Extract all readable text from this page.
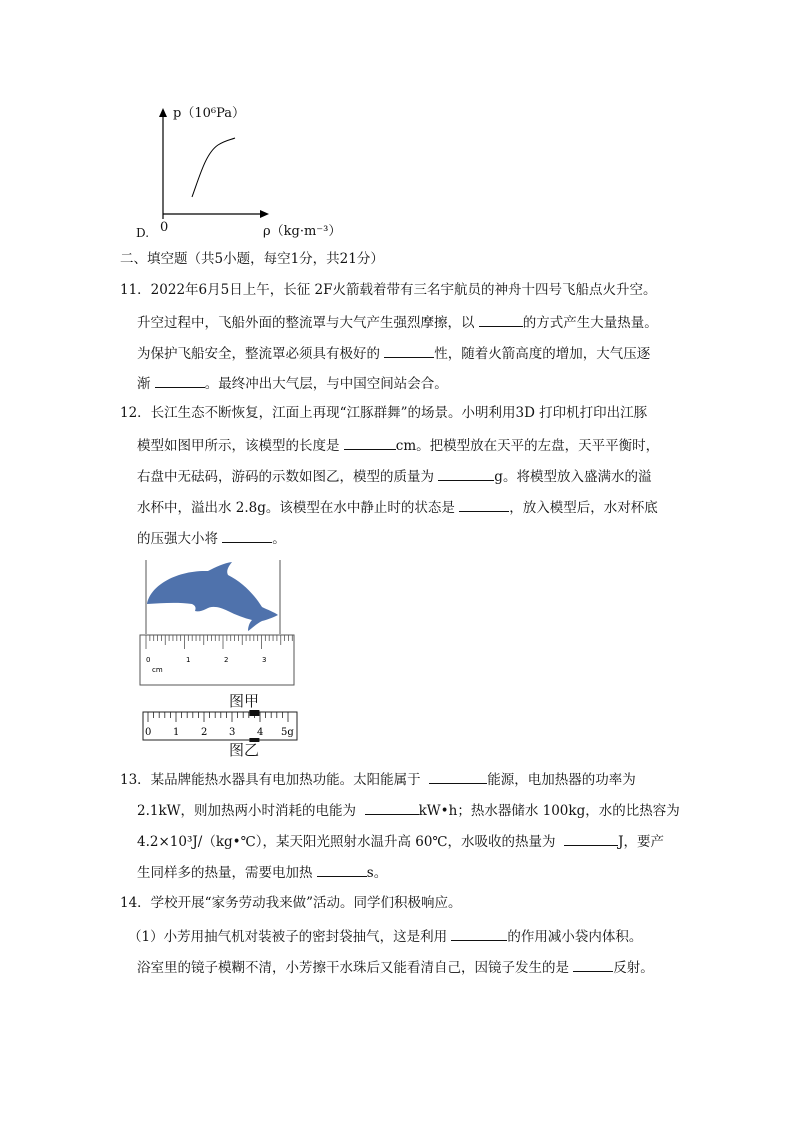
p（10⁶Pa）
0	ρ（kg·m⁻³）
D.
二、填空题（共5小题，每空1分，共21分）
11．2022年6月5日上午，长征 2F火箭载着带有三名宇航员的神舟十四号飞船点火升空。
升空过程中，飞船外面的整流罩与大气产生强烈摩擦，以	的方式产生大量热量。
为保护飞船安全，整流罩必须具有极好的	性，随着火箭高度的增加，大气压逐
渐	。最终冲出大气层，与中国空间站会合。
12．长江生态不断恢复，江面上再现“江豚群舞”的场景。小明利用3D 打印机打印出江豚
模型如图甲所示，该模型的长度是	cm。把模型放在天平的左盘，天平平衡时，
右盘中无砝码，游码的示数如图乙，模型的质量为	g。将模型放入盛满水的溢
水杯中，溢出水 2.8g。该模型在水中静止时的状态是	，放入模型后，水对杯底
的压强大小将	。
0	1	2	3
cm
图甲
0 1 2 3 4 5g
图乙
13．某品牌能热水器具有电加热功能。太阳能属于	能源，电加热器的功率为
2.1kW，则加热两小时消耗的电能为	kW•h；热水器储水 100kg，水的比热容为
4.2×10³J/（kg•℃），某天阳光照射水温升高 60℃，水吸收的热量为	J，要产
生同样多的热量，需要电加热	s。
14．学校开展“家务劳动我来做”活动。同学们积极响应。
（1）小芳用抽气机对装被子的密封袋抽气，这是利用	的作用减小袋内体积。
浴室里的镜子模糊不清，小芳擦干水珠后又能看清自己，因镜子发生的是	反射。
